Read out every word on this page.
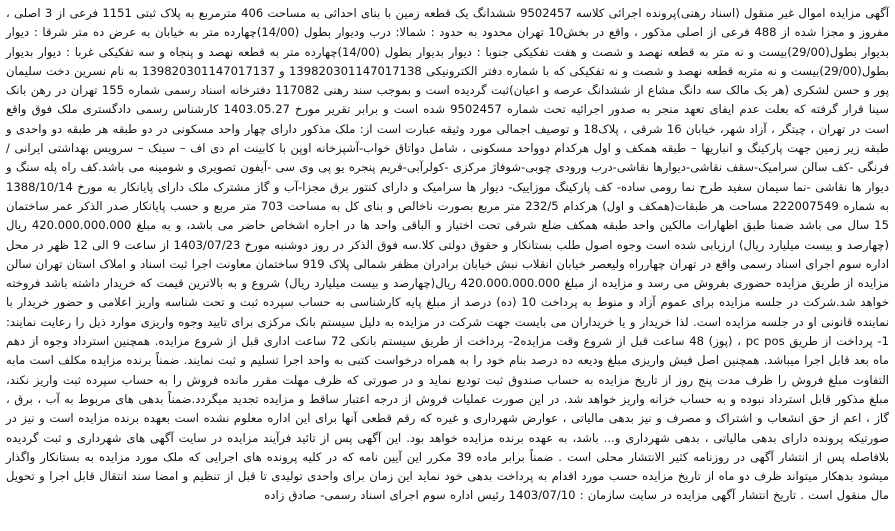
آگهی مزایده اموال غیر منقول (اسناد رهنی)پرونده اجرائی کلاسه 9502457 ششدانگ یک قطعه زمین با بنای احداثی به مساحت 406 مترمربع به پلاک ثبتی 1151 فرعی از 3 اصلی ، مفروز و مجزا شده از 488 فرعی از اصلی مذکور ، واقع در بخش10 تهران محدود به حدود : شمالا: درب ودیوار بطول (14/00)چهارده متر به خیابان به عرض ده متر شرقا : دیوار بدیوار بطول(29/00)بیست و نه متر به قطعه نهصد و شصت و هفت تفکیکی جنوبا : دیوار بدیوار بطول (14/00)چهارده متر به قطعه نهصد و پنجاه و سه تفکیکی غربا : دیوار بدیوار بطول(29/00)بیست و نه متربه قطعه نهصد و شصت و نه تفکیکی که با شماره دفتر الکترونیکی 139820301147017138 و 139820301147017137 به نام نسرین دخت سلیمان پور و حسن لشکری (هر یک مالک سه دانگ مشاع از ششدانگ عرصه و اعیان)ثبت گردیده است و بموجب سند رهنی 117082 دفترخانه اسناد رسمی شماره 155 تهران در رهن بانک سینا قرار گرفته که بعلت عدم ایفای تعهد منجر به صدور اجرائیه تحت شماره 9502457 شده است و برابر تقریر مورخ 1403.05.27 کارشناس رسمی دادگستری ملک فوق واقع است در تهران ، چیتگر ، آزاد شهر، خیابان 16 شرقی ، پلاک18 و توصیف اجمالی مورد وثیقه عبارت است از: ملک مذکور دارای چهار واحد مسکونی در دو طبقه هر طبقه دو واحدی و طبقه زیر زمین جهت پارکینگ و انباریها – طبقه همکف و اول هرکدام دوواحد مسکونی ، شامل دواتاق خواب-آشپزخانه اوپن با کابینت ام دی اف – سینک – سرویس بهداشتی ایرانی /فرنگی -کف سالن سرامیک-سقف نقاشی-دیوارها نقاشی-درب ورودی چوبی-شوفاژ مرکزی -کولرآبی-فریم پنجره یو پی وی سی -آیفون تصویری و شومینه می باشد.کف راه پله سنگ و دیوار ها نقاشی -نما سیمان سفید طرح نما رومی ساده- کف پارکینگ موزاییک- دیوار ها سرامیک و دارای کنتور برق مجزا-آب و گاز مشترک ملک دارای پایانکار به مورخ 1388/10/14 به شماره 222007549 مساحت هر طبقات(همکف و اول) هرکدام 232/5 متر مربع بصورت ناخالص و بنای کل به مساحت 703 متر مربع و حسب پایانکار صدر الذکر عمر ساختمان 15 سال می باشد ضمنا طبق اظهارات مالکین واحد طبقه همکف ضلع شرقی تحت اختیار و الباقی واحد ها در اجاره اشخاص حاضر می باشد، و به مبلغ 420.000.000.000 ریال (چهارصد و بیست میلیارد ریال) ارزیابی شده است وجوه اصول طلب بستانکار و حقوق دولتی کلا.سه فوق الذکر در روز دوشنبه مورخ 1403/07/23 از ساعت 9 الی 12 ظهر در محل اداره سوم اجرای اسناد رسمی واقع در تهران چهارراه ولیعصر خیابان انقلاب نبش خیابان برادران مظفر شمالی پلاک 919 ساختمان معاونت اجرا ثبت اسناد و املاک استان تهران سالن مزایده از طریق مزایده حضوری بفروش می رسد و مزایده از مبلغ 420.000.000.000 ریال(چهارصد و بیست میلیارد ریال) شروع و به بالاترین قیمت که خریدار داشته باشد فروخته خواهد شد.شرکت در جلسه مزایده برای عموم آزاد و منوط به پرداخت 10 (ده) درصد از مبلغ پایه کارشناسی به حساب سپرده ثبت و تحت شناسه واریز اعلامی و حضور خریدار با نماینده قانونی او در جلسه مزایده است. لذا خریدار و یا خریداران می بایست جهت شرکت در مزایده به دلیل سیستم بانک مرکزی برای تایید وجوه واریزی موارد ذیل را رعایت نمایند: 1- پرداخت از طریق pc pos ، (پوز) 48 ساعت قبل از شروع وقت مزایده2- پرداخت از طریق سیستم بانکی 72 ساعت اداری قبل از شروع مزایده. همچنین استرداد وجوه از دهم ماه بعد قابل اجرا میباشد. همچنین اصل فیش واریزی مبلغ ودیعه ده درصد بنام خود را به همراه درخواست کتبی به واحد اجرا تسلیم و ثبت نمایند. ضمناً برنده مزایده مکلف است مابه التفاوت مبلغ فروش را ظرف مدت پنج روز از تاریخ مزایده به حساب صندوق ثبت تودیع نماید و در صورتی که ظرف مهلت مقرر مانده فروش را به حساب سپرده ثبت واریز نکند، مبلغ مذکور قابل استرداد نبوده و به حساب خزانه واریز خواهد شد. در این صورت عملیات فروش از درجه اعتبار ساقط و مزایده تجدید میگردد.ضمناً بدهی های مربوط به آب ، برق ، گاز ، اعم از حق انشعاب و اشتراک و مصرف و نیز بدهی مالیاتی ، عوارض شهرداری و غیره که رقم قطعی آنها برای این اداره معلوم نشده است بعهده برنده مزایده است و نیز در صورتیکه پرونده دارای بدهی مالیاتی ، بدهی شهرداری و... باشد، به عهده برنده مزایده خواهد بود. این آگهی پس از تائید فرآیند مزایده در سایت آگهی های شهرداری و ثبت گردیده بلافاصله پس از انتشار آگهی در روزنامه کثیر الانتشار محلی است . ضمناً برابر ماده 39 مکرر این آیین نامه که در کلیه پرونده های اجرایی که ملک مورد مزایده به بستانکار واگذار میشود بدهکار میتواند ظرف دو ماه از تاریخ مزایده حسب مورد اقدام به پرداخت بدهی خود نماید این زمان برای واحدی تولیدی تا قبل از تنظیم و امضا سند انتقال قابل اجرا و تحویل مال منقول است . تاریخ انتشار آگهی مزایده در سایت سازمان : 1403/07/10 رئیس اداره سوم اجرای اسناد رسمی- صادق زاده
